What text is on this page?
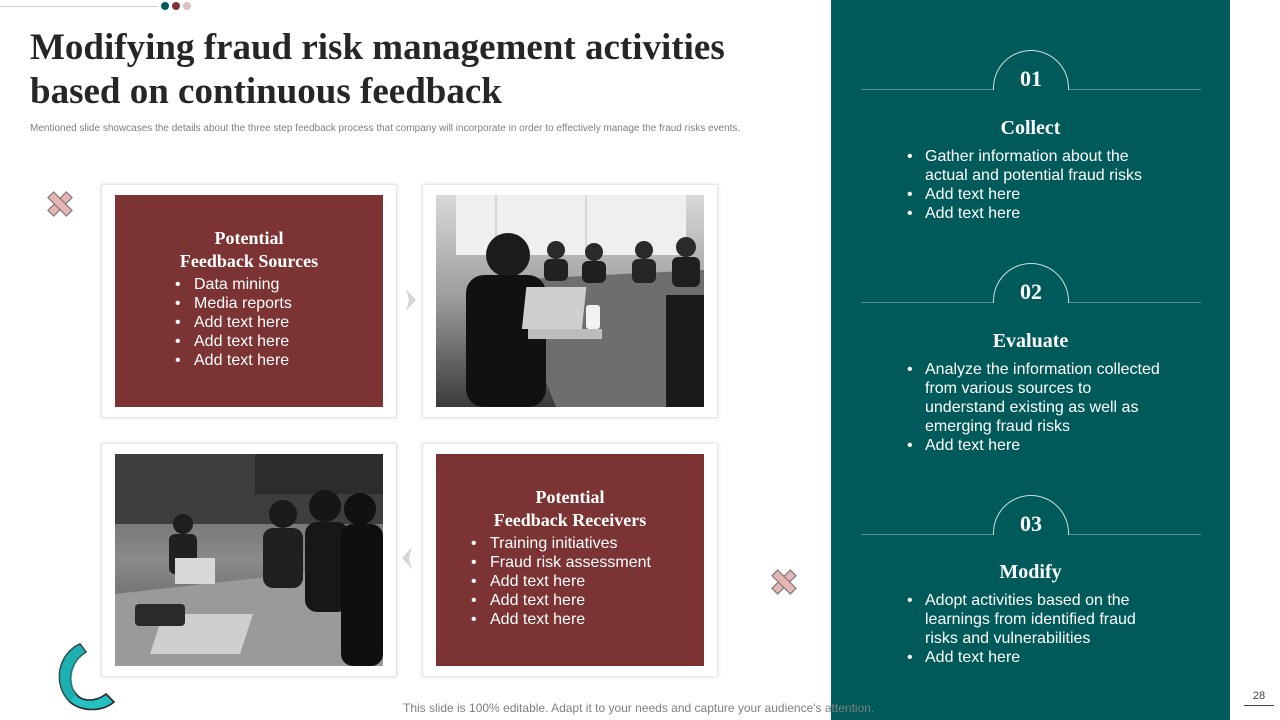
Modifying fraud risk management activities based on continuous feedback

Mentioned slide showcases the details about the three step feedback process that company will incorporate in order to effectively manage the fraud risks events.

Potential
Feedback Sources
• Data mining
• Media reports
• Add text here
• Add text here
• Add text here
Potential
Feedback Receivers
• Training initiatives
• Fraud risk assessment
• Add text here
• Add text here
• Add text here
01
Collect
• Gather information about the actual and potential fraud risks
• Add text here
• Add text here
02
Evaluate
• Analyze the information collected from various sources to understand existing as well as emerging fraud risks
• Add text here
03
Modify
• Adopt activities based on the learnings from identified fraud risks and vulnerabilities
• Add text here
This slide is 100% editable. Adapt it to your needs and capture your audience's attention.
28
